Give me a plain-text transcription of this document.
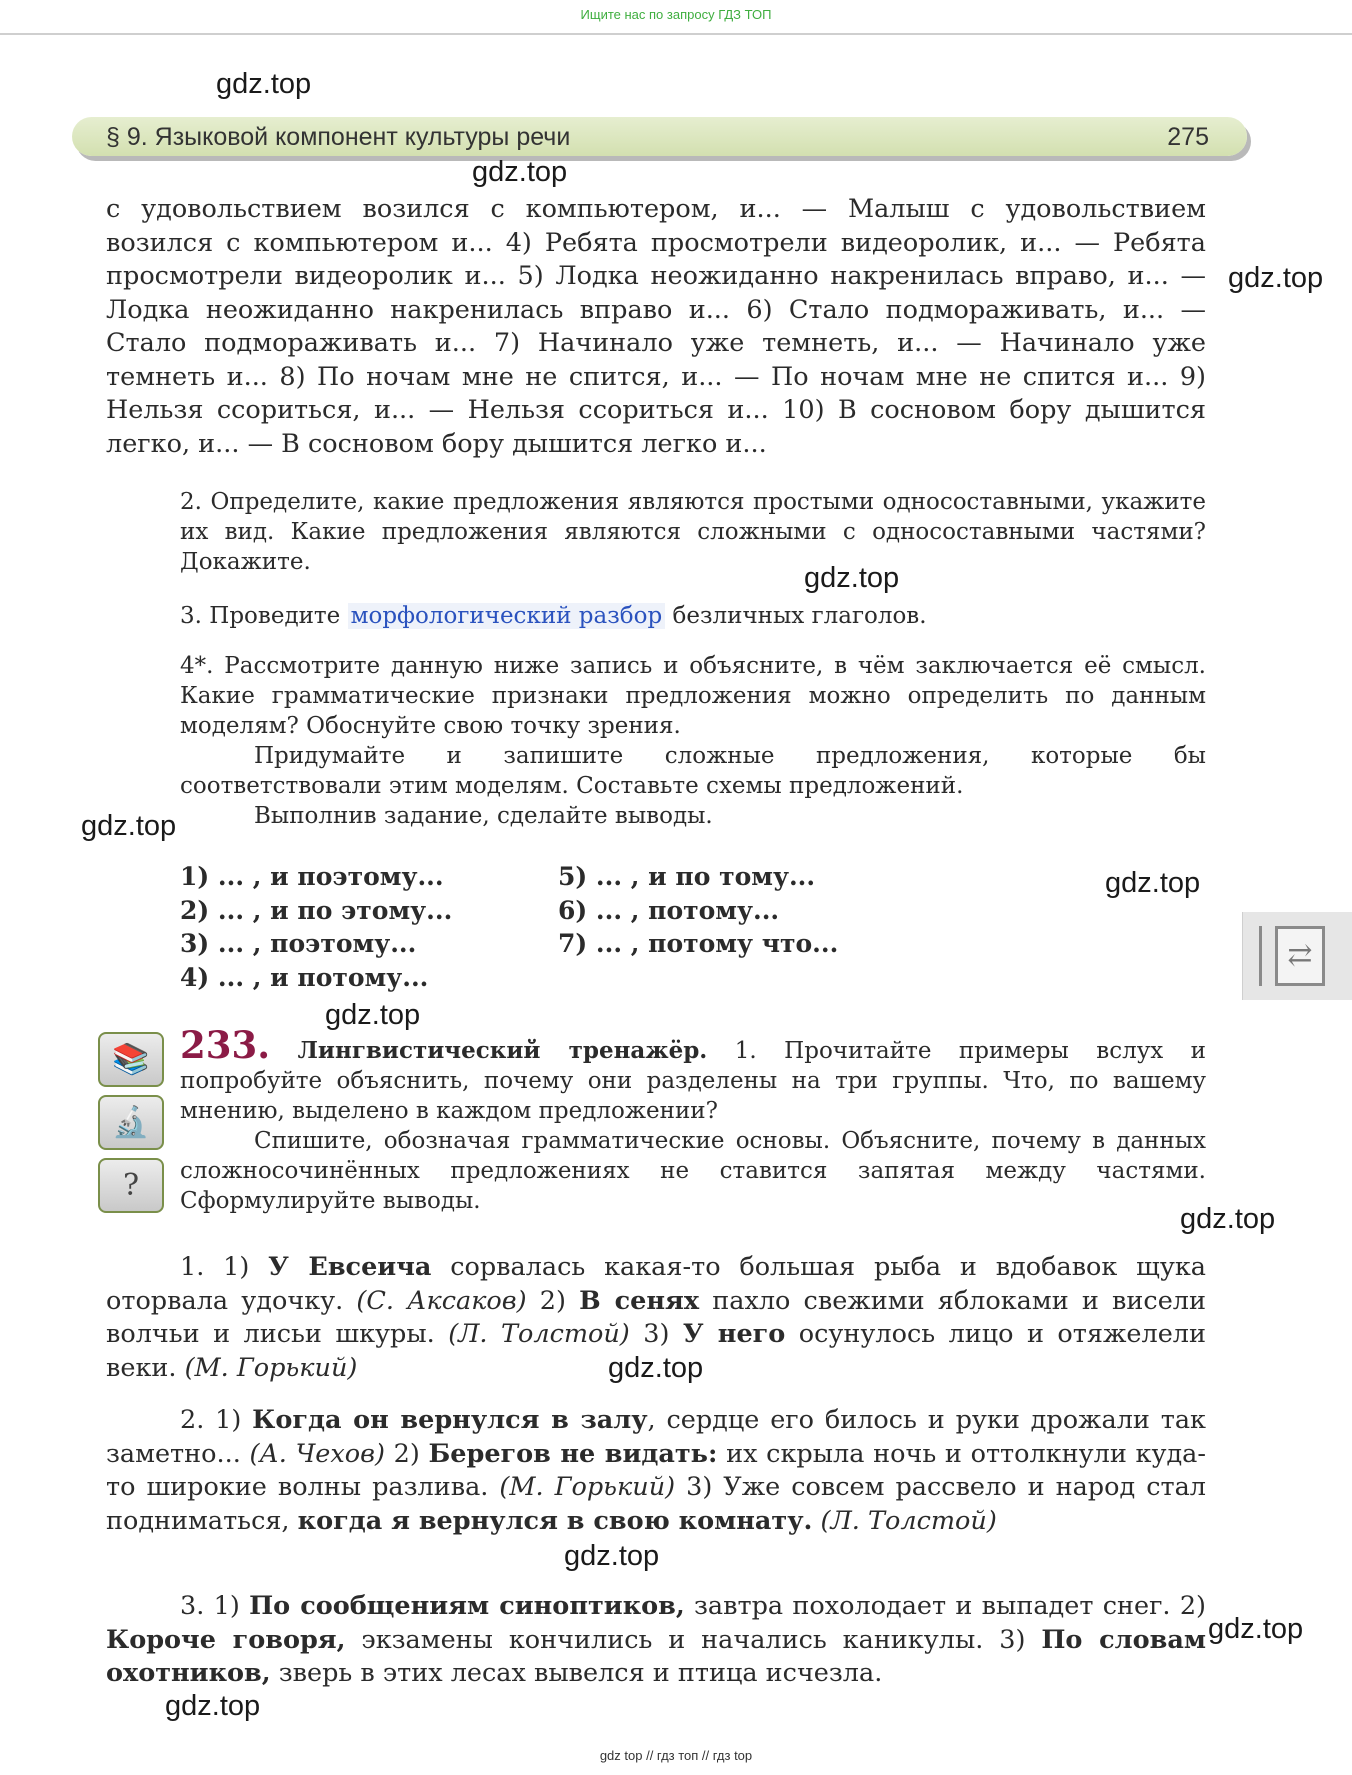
Ищите нас по запросу ГДЗ ТОП
§ 9. Языковой компонент культуры речи	275
с удовольствием возился с компьютером, и... — Малыш с удовольствием возился с компьютером и... 4) Ребята просмотрели видеоролик, и... — Ребята просмотрели видеоролик и... 5) Лодка неожиданно накренилась вправо, и... — Лодка неожиданно накренилась вправо и... 6) Стало подмораживать, и... — Стало подмораживать и... 7) Начинало уже темнеть, и... — Начинало уже темнеть и... 8) По ночам мне не спится, и... — По ночам мне не спится и... 9) Нельзя ссориться, и... — Нельзя ссориться и... 10) В сосновом бору дышится легко, и... — В сосновом бору дышится легко и...
2. Определите, какие предложения являются простыми односоставными, укажите их вид. Какие предложения являются сложными с односоставными частями? Докажите.
3. Проведите морфологический разбор безличных глаголов.
4*. Рассмотрите данную ниже запись и объясните, в чём заключается её смысл. Какие грамматические признаки предложения можно определить по данным моделям? Обоснуйте свою точку зрения.
Придумайте и запишите сложные предложения, которые бы соответствовали этим моделям. Составьте схемы предложений.
Выполнив задание, сделайте выводы.
1) ... , и поэтому...
2) ... , и по этому...
3) ... , поэтому...
4) ... , и потому...
5) ... , и по тому...
6) ... , потому...
7) ... , потому что...	⇄
📚
🔬
?
233. Лингвистический тренажёр. 1. Прочитайте примеры вслух и попробуйте объяснить, почему они разделены на три группы. Что, по вашему мнению, выделено в каждом предложении?
Спишите, обозначая грамматические основы. Объясните, почему в данных сложносочинённых предложениях не ставится запятая между частями. Сформулируйте выводы.
1. 1) У Евсеича сорвалась какая-то большая рыба и вдобавок щука оторвала удочку. (С. Аксаков) 2) В сенях пахло свежими яблоками и висели волчьи и лисьи шкуры. (Л. Толстой) 3) У него осунулось лицо и отяжелели веки. (М. Горький)
2. 1) Когда он вернулся в залу, сердце его билось и руки дрожали так заметно... (А. Чехов) 2) Берегов не видать: их скрыла ночь и оттолкнули куда-то широкие волны разлива. (М. Горький) 3) Уже совсем рассвело и народ стал подниматься, когда я вернулся в свою комнату. (Л. Толстой)
3. 1) По сообщениям синоптиков, завтра похолодает и выпадет снег. 2) Короче говоря, экзамены кончились и начались каникулы. 3) По словам охотников, зверь в этих лесах вывелся и птица исчезла.
gdz.top
gdz.top
gdz.top
gdz.top
gdz.top
gdz.top
gdz.top
gdz.top
gdz.top
gdz.top
gdz.top
gdz.top
gdz top // гдз топ // гдз top
